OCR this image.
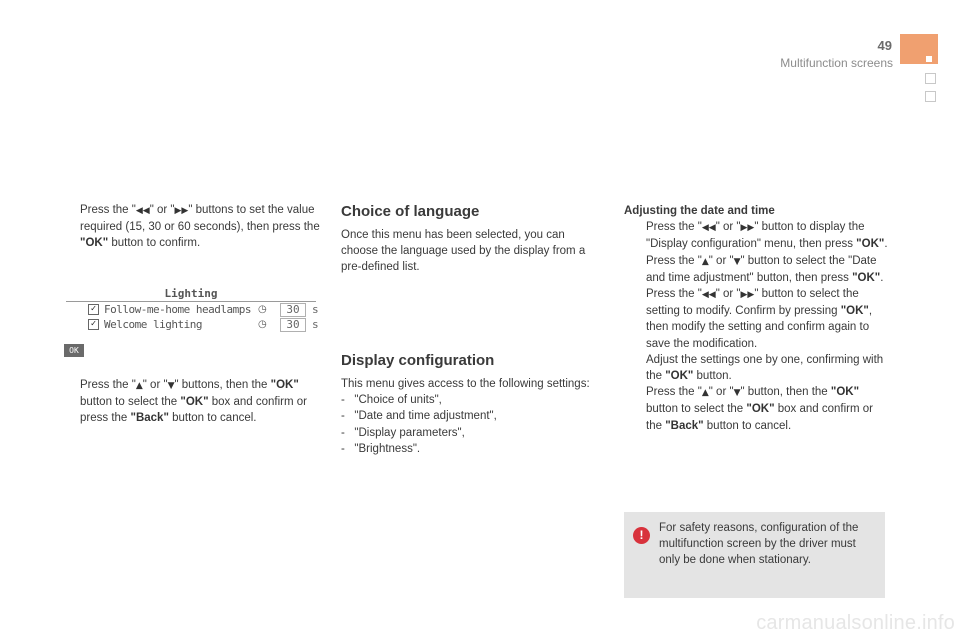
49
Multifunction screens
Press the "◀◀" or "▶▶" buttons to set the value required (15, 30 or 60 seconds), then press the "OK" button to confirm.
Lighting
✓ Follow-me-home headlamps ◷	30	s
✓ Welcome lighting	◷	30	s
OK
Press the "▲" or "▼" buttons, then the "OK" button to select the "OK" box and confirm or press the "Back" button to cancel.
Choice of language
Once this menu has been selected, you can choose the language used by the display from a pre-defined list.
Display configuration
This menu gives access to the following settings:
-   "Choice of units",
-   "Date and time adjustment",
-   "Display parameters",
-   "Brightness".
Adjusting the date and time
Press the "◀◀" or "▶▶" button to display the "Display configuration" menu, then press "OK".
Press the "▲" or "▼" button to select the "Date and time adjustment" button, then press "OK".
Press the "◀◀" or "▶▶" button to select the setting to modify. Confirm by pressing "OK", then modify the setting and confirm again to save the modification.
Adjust the settings one by one, confirming with the "OK" button.
Press the "▲" or "▼" button, then the "OK" button to select the "OK" box and confirm or the "Back" button to cancel.
!	For safety reasons, configuration of the multifunction screen by the driver must only be done when stationary.
carmanualsonline.info
